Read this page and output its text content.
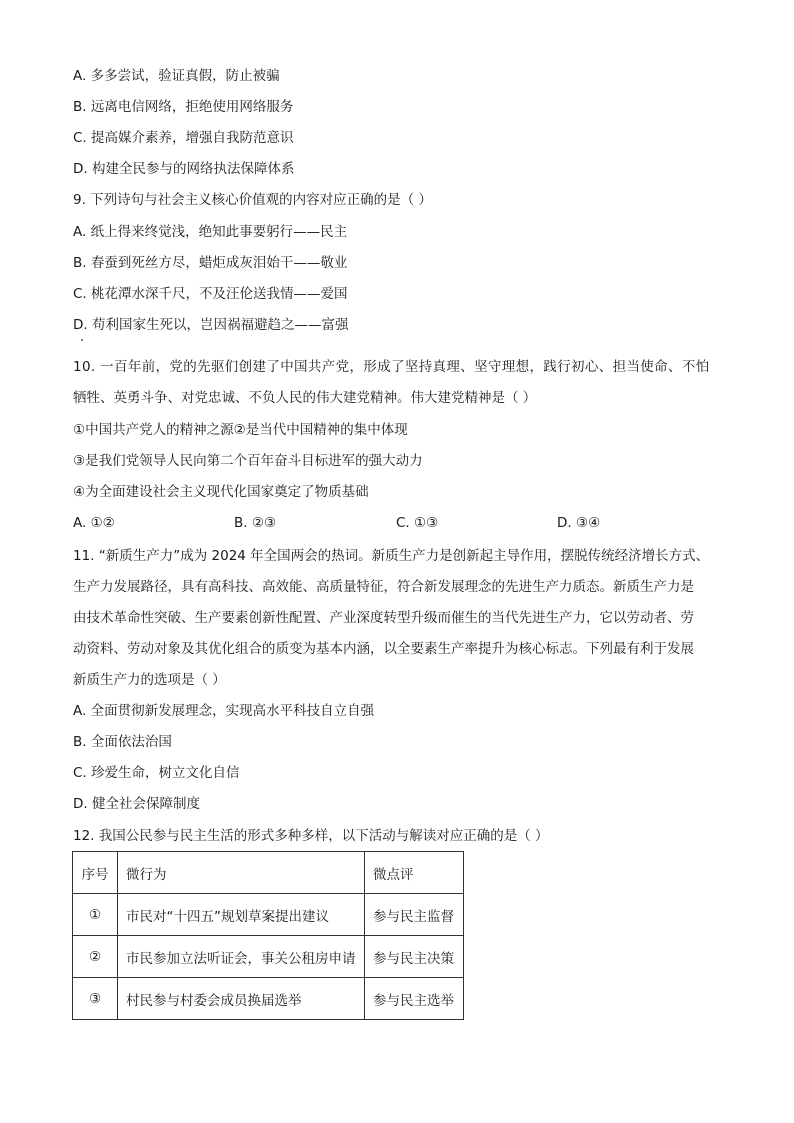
A. 多多尝试，验证真假，防止被骗
B. 远离电信网络，拒绝使用网络服务
C. 提高媒介素养，增强自我防范意识
D. 构建全民参与的网络执法保障体系
9. 下列诗句与社会主义核心价值观的内容对应正确的是（ ）
A. 纸上得来终觉浅，绝知此事要躬行——民主
B. 春蚕到死丝方尽，蜡炬成灰泪始干——敬业
C. 桃花潭水深千尺，不及汪伦送我情——爱国
D. 苟利国家生死以，岂因祸福避趋之——富强
10. 一百年前，党的先驱们创建了中国共产党，形成了坚持真理、坚守理想，践行初心、担当使命、不怕
牺牲、英勇斗争、对党忠诚、不负人民的伟大建党精神。伟大建党精神是（ ）
①中国共产党人的精神之源②是当代中国精神的集中体现
③是我们党领导人民向第二个百年奋斗目标进军的强大动力
④为全面建设社会主义现代化国家奠定了物质基础
A. ①②	B. ②③	C. ①③	D. ③④
11. “新质生产力”成为 2024 年全国两会的热词。新质生产力是创新起主导作用，摆脱传统经济增长方式、
生产力发展路径，具有高科技、高效能、高质量特征，符合新发展理念的先进生产力质态。新质生产力是
由技术革命性突破、生产要素创新性配置、产业深度转型升级而催生的当代先进生产力，它以劳动者、劳
动资料、劳动对象及其优化组合的质变为基本内涵，以全要素生产率提升为核心标志。下列最有利于发展
新质生产力的选项是（ ）
A. 全面贯彻新发展理念，实现高水平科技自立自强
B. 全面依法治国
C. 珍爱生命，树立文化自信
D. 健全社会保障制度
12. 我国公民参与民主生活的形式多种多样，以下活动与解读对应正确的是（ ）
序号	微行为	微点评
①	市民对“十四五”规划草案提出建议	参与民主监督
②	市民参加立法听证会，事关公租房申请	参与民主决策
③	村民参与村委会成员换届选举	参与民主选举
